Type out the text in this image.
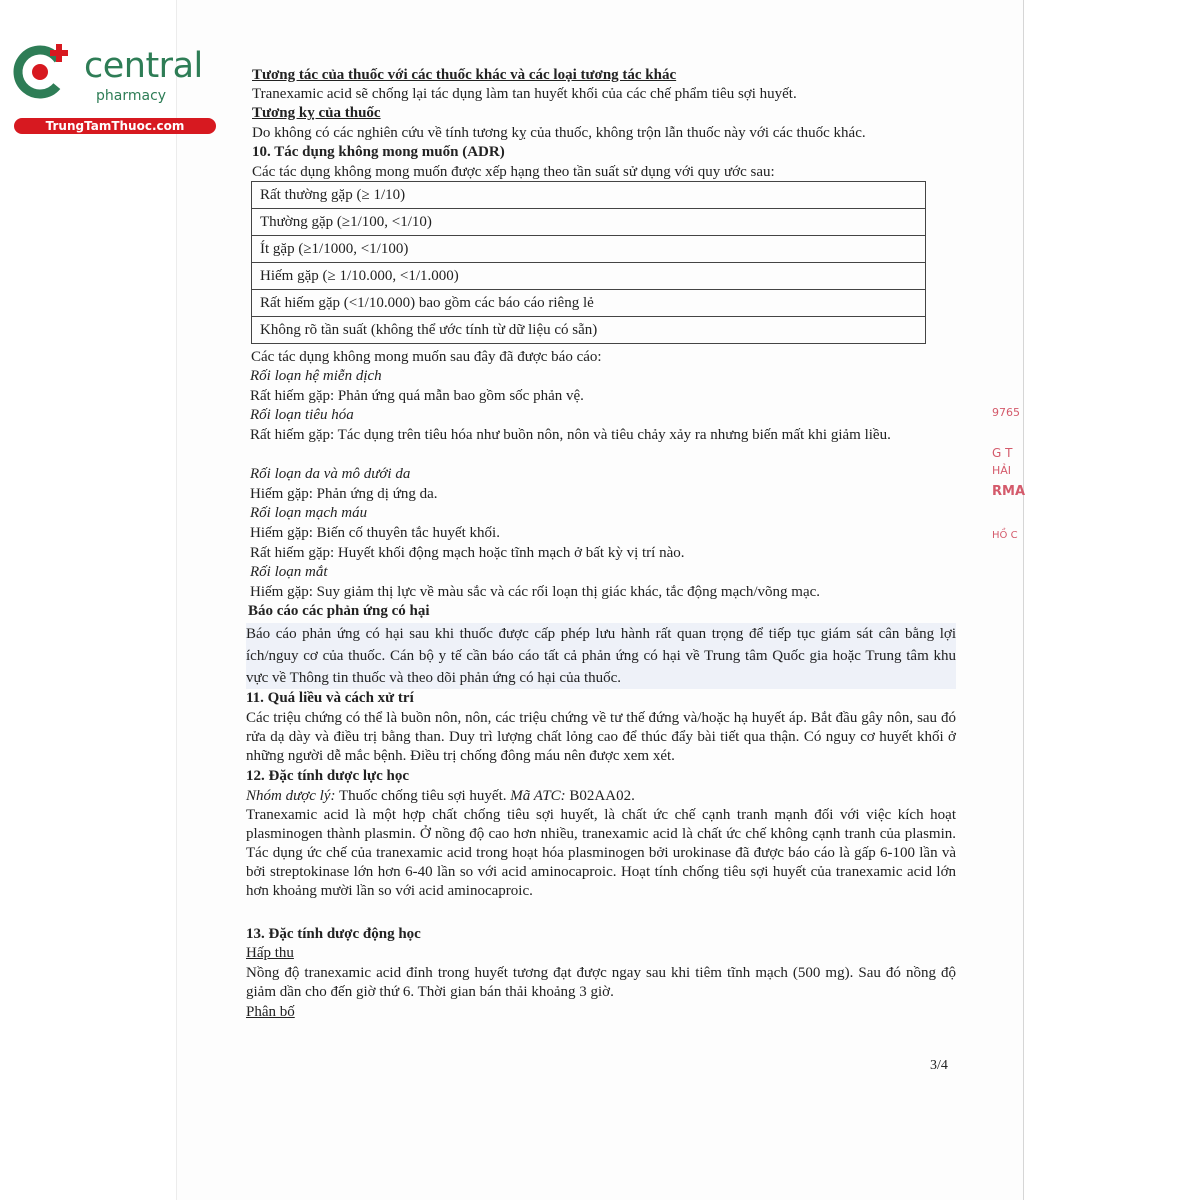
central
pharmacy
TrungTamThuoc.com
Tương tác của thuốc với các thuốc khác và các loại tương tác khác
Tranexamic acid sẽ chống lại tác dụng làm tan huyết khối của các chế phẩm tiêu sợi huyết.
Tương kỵ của thuốc
Do không có các nghiên cứu về tính tương kỵ của thuốc, không trộn lẫn thuốc này với các thuốc khác.
10. Tác dụng không mong muốn (ADR)
Các tác dụng không mong muốn được xếp hạng theo tần suất sử dụng với quy ước sau:
Rất thường gặp (≥ 1/10)
Thường gặp (≥1/100, <1/10)
Ít gặp (≥1/1000, <1/100)
Hiếm gặp (≥ 1/10.000, <1/1.000)
Rất hiếm gặp (<1/10.000) bao gồm các báo cáo riêng lẻ
Không rõ tần suất (không thể ước tính từ dữ liệu có sẵn)
Các tác dụng không mong muốn sau đây đã được báo cáo:
Rối loạn hệ miễn dịch
Rất hiếm gặp: Phản ứng quá mẫn bao gồm sốc phản vệ.
Rối loạn tiêu hóa
Rất hiếm gặp: Tác dụng trên tiêu hóa như buồn nôn, nôn và tiêu chảy xảy ra nhưng biến mất khi giảm liều.
Rối loạn da và mô dưới da
Hiếm gặp: Phản ứng dị ứng da.
Rối loạn mạch máu
Hiếm gặp: Biến cố thuyên tắc huyết khối.
Rất hiếm gặp: Huyết khối động mạch hoặc tĩnh mạch ở bất kỳ vị trí nào.
Rối loạn mắt
Hiếm gặp: Suy giảm thị lực về màu sắc và các rối loạn thị giác khác, tắc động mạch/võng mạc.
Báo cáo các phản ứng có hại
Báo cáo phản ứng có hại sau khi thuốc được cấp phép lưu hành rất quan trọng để tiếp tục giám sát cân bằng lợi ích/nguy cơ của thuốc. Cán bộ y tế cần báo cáo tất cả phản ứng có hại về Trung tâm Quốc gia hoặc Trung tâm khu vực về Thông tin thuốc và theo dõi phản ứng có hại của thuốc.
11. Quá liều và cách xử trí
Các triệu chứng có thể là buồn nôn, nôn, các triệu chứng về tư thế đứng và/hoặc hạ huyết áp. Bắt đầu gây nôn, sau đó rửa dạ dày và điều trị bằng than. Duy trì lượng chất lỏng cao để thúc đẩy bài tiết qua thận. Có nguy cơ huyết khối ở những người dễ mắc bệnh. Điều trị chống đông máu nên được xem xét.
12. Đặc tính dược lực học
Nhóm dược lý: Thuốc chống tiêu sợi huyết. Mã ATC: B02AA02.
Tranexamic acid là một hợp chất chống tiêu sợi huyết, là chất ức chế cạnh tranh mạnh đối với việc kích hoạt plasminogen thành plasmin. Ở nồng độ cao hơn nhiều, tranexamic acid là chất ức chế không cạnh tranh của plasmin. Tác dụng ức chế của tranexamic acid trong hoạt hóa plasminogen bởi urokinase đã được báo cáo là gấp 6-100 lần và bởi streptokinase lớn hơn 6-40 lần so với acid aminocaproic. Hoạt tính chống tiêu sợi huyết của tranexamic acid lớn hơn khoảng mười lần so với acid aminocaproic.
13. Đặc tính dược động học
Hấp thu
Nồng độ tranexamic acid đỉnh trong huyết tương đạt được ngay sau khi tiêm tĩnh mạch (500 mg). Sau đó nồng độ giảm dần cho đến giờ thứ 6. Thời gian bán thải khoảng 3 giờ.
Phân bố
3/4
9765
G T
HẢI
RMA
HỒ C
